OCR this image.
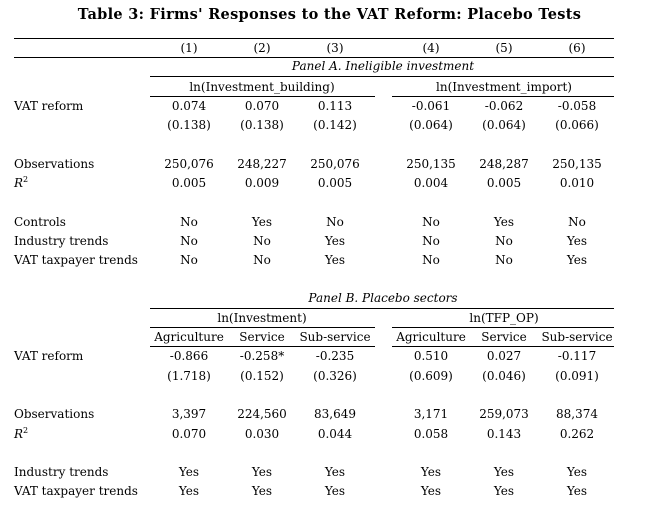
Table 3: Firms' Responses to the VAT Reform: Placebo Tests
(1)	(2)	(3)	(4)	(5)	(6)
Panel A. Ineligible investment
ln(Investment_building)	ln(Investment_import)
VAT reform	0.074	0.070	0.113	-0.061	-0.062	-0.058
(0.138) (0.138) (0.142)	(0.064) (0.064) (0.066)
Observations	250,076 248,227 250,076	250,135 248,287 250,135
$R^2$	0.005	0.009	0.005	0.004	0.005	0.010
Controls	No	Yes	No	No	Yes	No
Industry trends	No	No	Yes	No	No	Yes
VAT taxpayer trends	No	No	Yes	No	No	Yes
Panel B. Placebo sectors
ln(Investment)	ln(TFP_OP)
Agriculture Service Sub-service Agriculture Service Sub-service
VAT reform	-0.866	-0.258*	-0.235	0.510	0.027	-0.117
(1.718) (0.152) (0.326)	(0.609) (0.046) (0.091)
Observations	3,397	224,560 83,649	3,171	259,073 88,374
$R^2$	0.070	0.030	0.044	0.058	0.143	0.262
Industry trends	Yes	Yes	Yes	Yes	Yes	Yes
VAT taxpayer trends	Yes	Yes	Yes	Yes	Yes	Yes
